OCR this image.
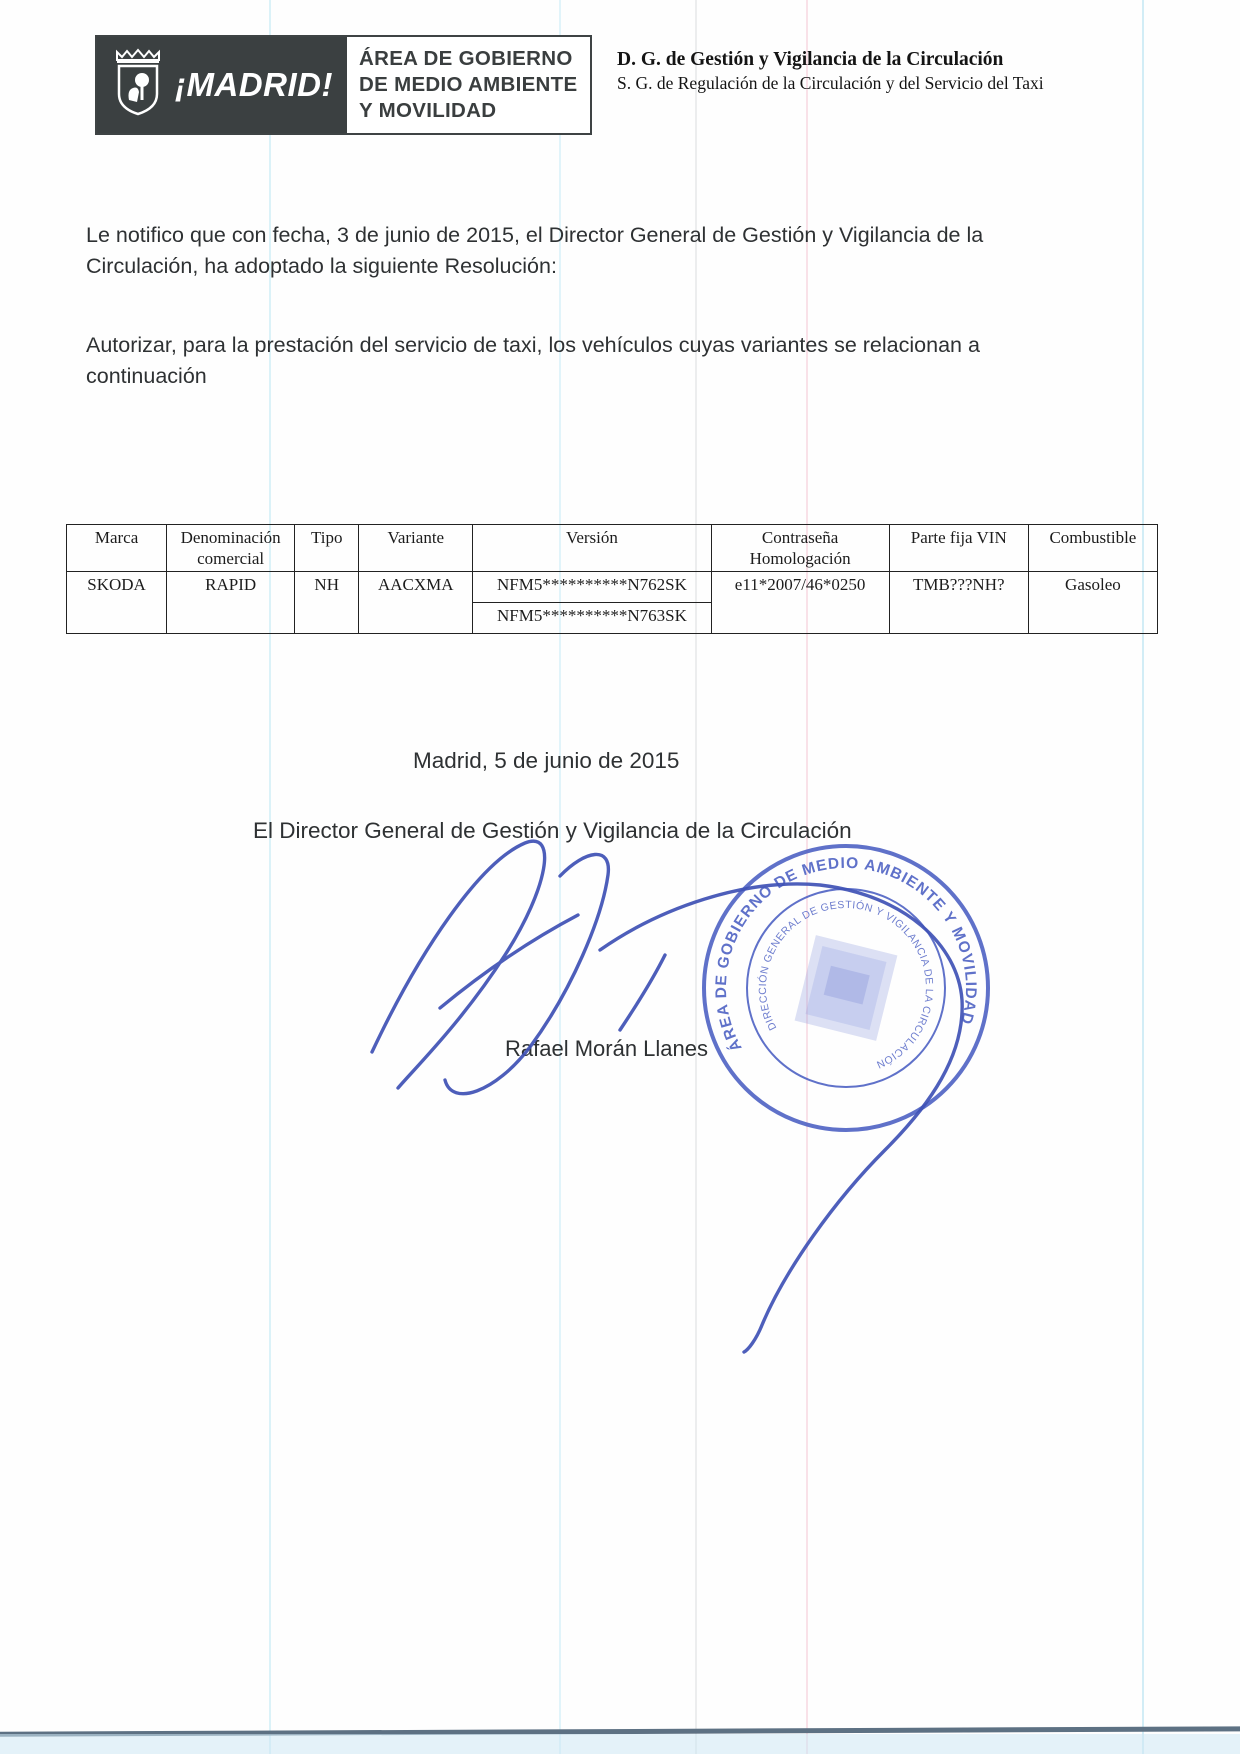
¡MADRID!
ÁREA DE GOBIERNO
DE MEDIO AMBIENTE
Y MOVILIDAD
D. G. de Gestión y Vigilancia de la Circulación
S. G. de Regulación de la Circulación y del Servicio del Taxi
Le notifico que con fecha, 3 de junio de 2015, el Director General de Gestión y Vigilancia de la Circulación, ha adoptado la siguiente Resolución:
Autorizar, para la prestación del servicio de taxi, los vehículos cuyas variantes se relacionan a continuación
Marca	Denominación comercial	Tipo	Variante	Versión	Contraseña Homologación	Parte fija VIN	Combustible
SKODA	RAPID	NH	AACXMA	NFM5**********N762SK	e11*2007/46*0250	TMB???NH?	Gasoleo
				NFM5**********N763SK			
Madrid, 5 de junio de 2015
El Director General de Gestión y Vigilancia de la Circulación
Rafael Morán Llanes	ÁREA DE GOBIERNO DE MEDIO AMBIENTE Y MOVILIDAD
DIRECCIÓN GENERAL DE GESTIÓN Y VIGILANCIA DE LA CIRCULACIÓN
